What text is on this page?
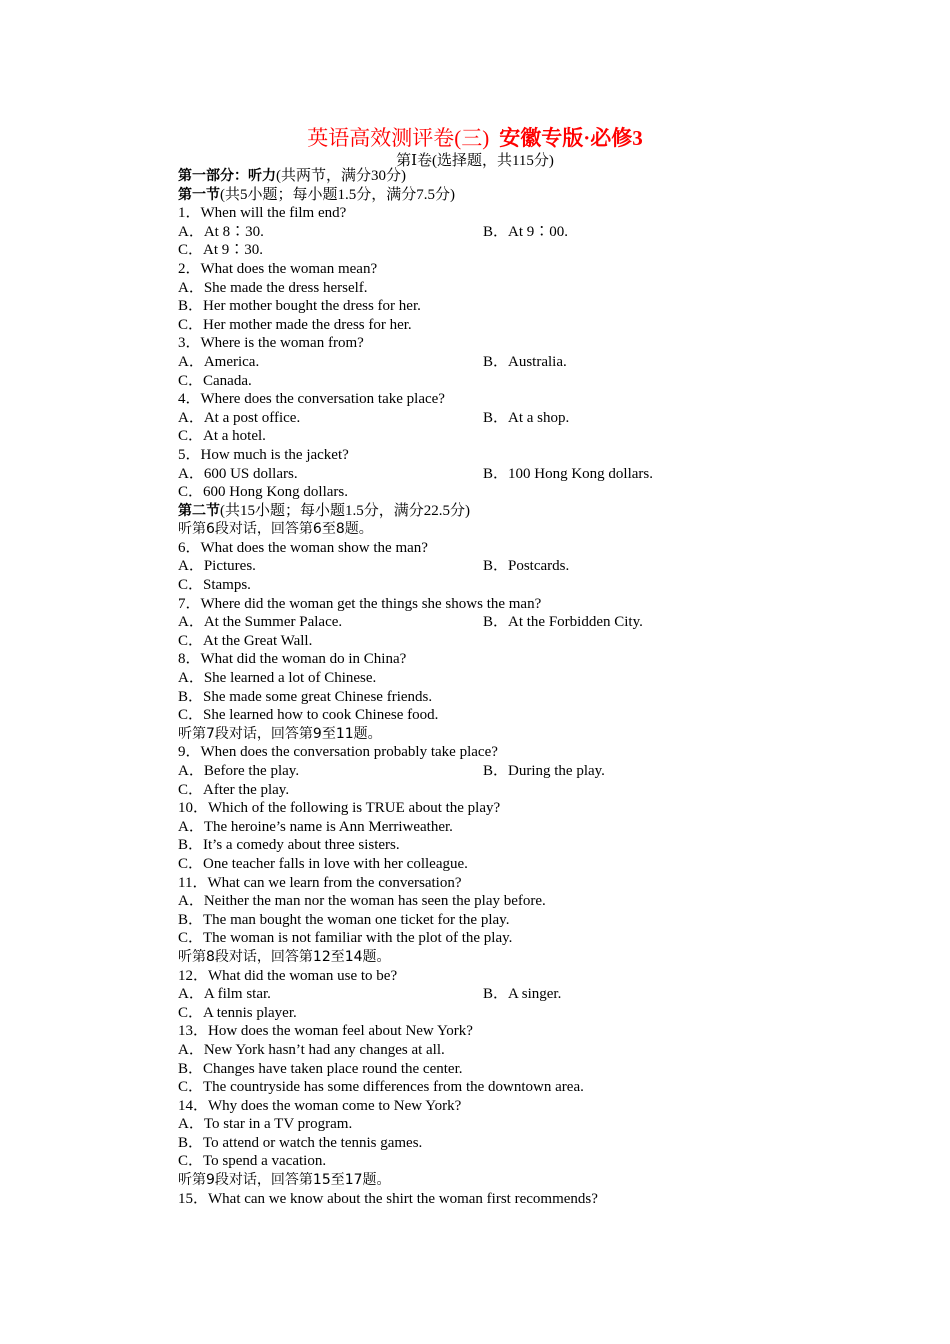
英语高效测评卷(三) 安徽专版·必修3
第Ⅰ卷(选择题，共115分)
第一部分：听力(共两节，满分30分)
第一节(共5小题；每小题1.5分，满分7.5分)
1．When will the film end?
A．At 8∶30.	B．At 9∶00.
C．At 9∶30.
2．What does the woman mean?
A．She made the dress herself.
B．Her mother bought the dress for her.
C．Her mother made the dress for her.
3．Where is the woman from?
A．America.	B．Australia.
C．Canada.
4．Where does the conversation take place?
A．At a post office.	B．At a shop.
C．At a hotel.
5．How much is the jacket?
A．600 US dollars.	B．100 Hong Kong dollars.
C．600 Hong Kong dollars.
第二节(共15小题；每小题1.5分，满分22.5分)
听第6段对话，回答第6至8题。
6．What does the woman show the man?
A．Pictures.	B．Postcards.
C．Stamps.
7．Where did the woman get the things she shows the man?
A．At the Summer Palace.	B．At the Forbidden City.
C．At the Great Wall.
8．What did the woman do in China?
A．She learned a lot of Chinese.
B．She made some great Chinese friends.
C．She learned how to cook Chinese food.
听第7段对话，回答第9至11题。
9．When does the conversation probably take place?
A．Before the play.	B．During the play.
C．After the play.
10．Which of the following is TRUE about the play?
A．The heroine’s name is Ann Merriweather.
B．It’s a comedy about three sisters.
C．One teacher falls in love with her colleague.
11．What can we learn from the conversation?
A．Neither the man nor the woman has seen the play before.
B．The man bought the woman one ticket for the play.
C．The woman is not familiar with the plot of the play.
听第8段对话，回答第12至14题。
12．What did the woman use to be?
A．A film star.	B．A singer.
C．A tennis player.
13．How does the woman feel about New York?
A．New York hasn’t had any changes at all.
B．Changes have taken place round the center.
C．The countryside has some differences from the downtown area.
14．Why does the woman come to New York?
A．To star in a TV program.
B．To attend or watch the tennis games.
C．To spend a vacation.
听第9段对话，回答第15至17题。
15．What can we know about the shirt the woman first recommends?
